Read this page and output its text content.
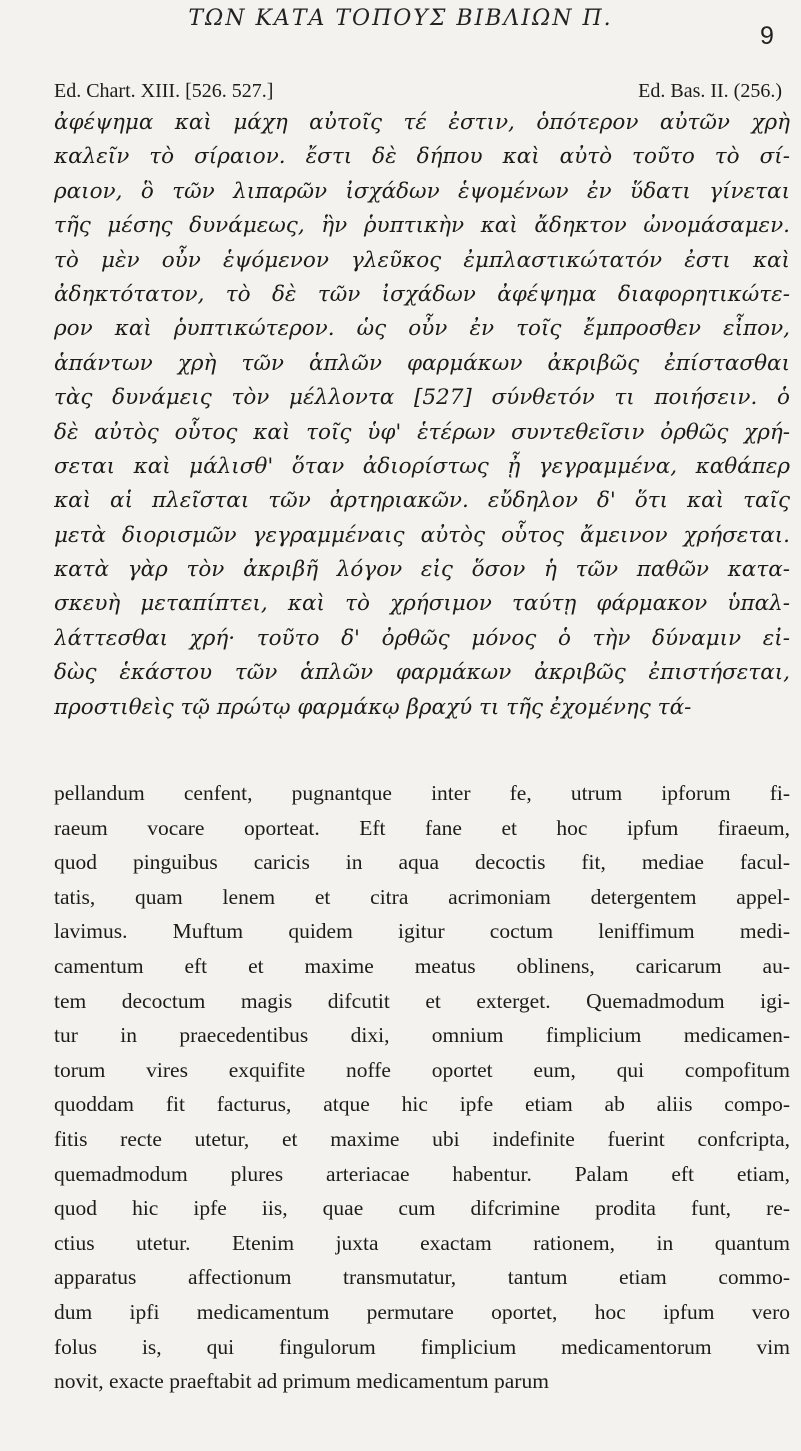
ΤΩΝ ΚΑΤΑ ΤΟΠΟΥΣ ΒΙΒΛΙΩΝ Π.
9
Ed. Chart. XIII. [526. 527.]	Ed. Bas. II. (256.)
ἀφέψημα καὶ μάχη αὐτοῖς τέ ἐστιν, ὁπότερον αὐτῶν χρὴ
καλεῖν τὸ σίραιον. ἔστι δὲ δήπου καὶ αὐτὸ τοῦτο τὸ σί-
ραιον, ὃ τῶν λιπαρῶν ἰσχάδων ἑψομένων ἐν ὕδατι γίνεται
τῆς μέσης δυνάμεως, ἣν ῥυπτικὴν καὶ ἄδηκτον ὠνομάσαμεν.
τὸ μὲν οὖν ἑψόμενον γλεῦκος ἐμπλαστικώτατόν ἐστι καὶ
ἀδηκτότατον, τὸ δὲ τῶν ἰσχάδων ἀφέψημα διαφορητικώτε-
ρον καὶ ῥυπτικώτερον. ὡς οὖν ἐν τοῖς ἔμπροσθεν εἶπον,
ἁπάντων χρὴ τῶν ἁπλῶν φαρμάκων ἀκριβῶς ἐπίστασθαι
τὰς δυνάμεις τὸν μέλλοντα [527] σύνθετόν τι ποιήσειν. ὁ
δὲ αὐτὸς οὗτος καὶ τοῖς ὑφ' ἑτέρων συντεθεῖσιν ὀρθῶς χρή-
σεται καὶ μάλισθ' ὅταν ἀδιορίστως ᾖ γεγραμμένα, καθάπερ
καὶ αἱ πλεῖσται τῶν ἀρτηριακῶν. εὔδηλον δ' ὅτι καὶ ταῖς
μετὰ διορισμῶν γεγραμμέναις αὐτὸς οὗτος ἄμεινον χρήσεται.
κατὰ γὰρ τὸν ἀκριβῆ λόγον εἰς ὅσον ἡ τῶν παθῶν κατα-
σκευὴ μεταπίπτει, καὶ τὸ χρήσιμον ταύτῃ φάρμακον ὑπαλ-
λάττεσθαι χρή· τοῦτο δ' ὀρθῶς μόνος ὁ τὴν δύναμιν εἰ-
δὼς ἑκάστου τῶν ἁπλῶν φαρμάκων ἀκριβῶς ἐπιστήσεται,
προστιθεὶς τῷ πρώτῳ φαρμάκῳ βραχύ τι τῆς ἐχομένης τά-
pellandum cenfent, pugnantque inter fe, utrum ipforum fi-
raeum vocare oporteat. Eft fane et hoc ipfum firaeum,
quod pinguibus caricis in aqua decoctis fit, mediae facul-
tatis, quam lenem et citra acrimoniam detergentem appel-
lavimus. Muftum quidem igitur coctum leniffimum medi-
camentum eft et maxime meatus oblinens, caricarum au-
tem decoctum magis difcutit et exterget. Quemadmodum igi-
tur in praecedentibus dixi, omnium fimplicium medicamen-
torum vires exquifite noffe oportet eum, qui compofitum
quoddam fit facturus, atque hic ipfe etiam ab aliis compo-
fitis recte utetur, et maxime ubi indefinite fuerint confcripta,
quemadmodum plures arteriacae habentur. Palam eft etiam,
quod hic ipfe iis, quae cum difcrimine prodita funt, re-
ctius utetur. Etenim juxta exactam rationem, in quantum
apparatus affectionum transmutatur, tantum etiam commo-
dum ipfi medicamentum permutare oportet, hoc ipfum vero
folus is, qui fingulorum fimplicium medicamentorum vim
novit, exacte praeftabit ad primum medicamentum parum
